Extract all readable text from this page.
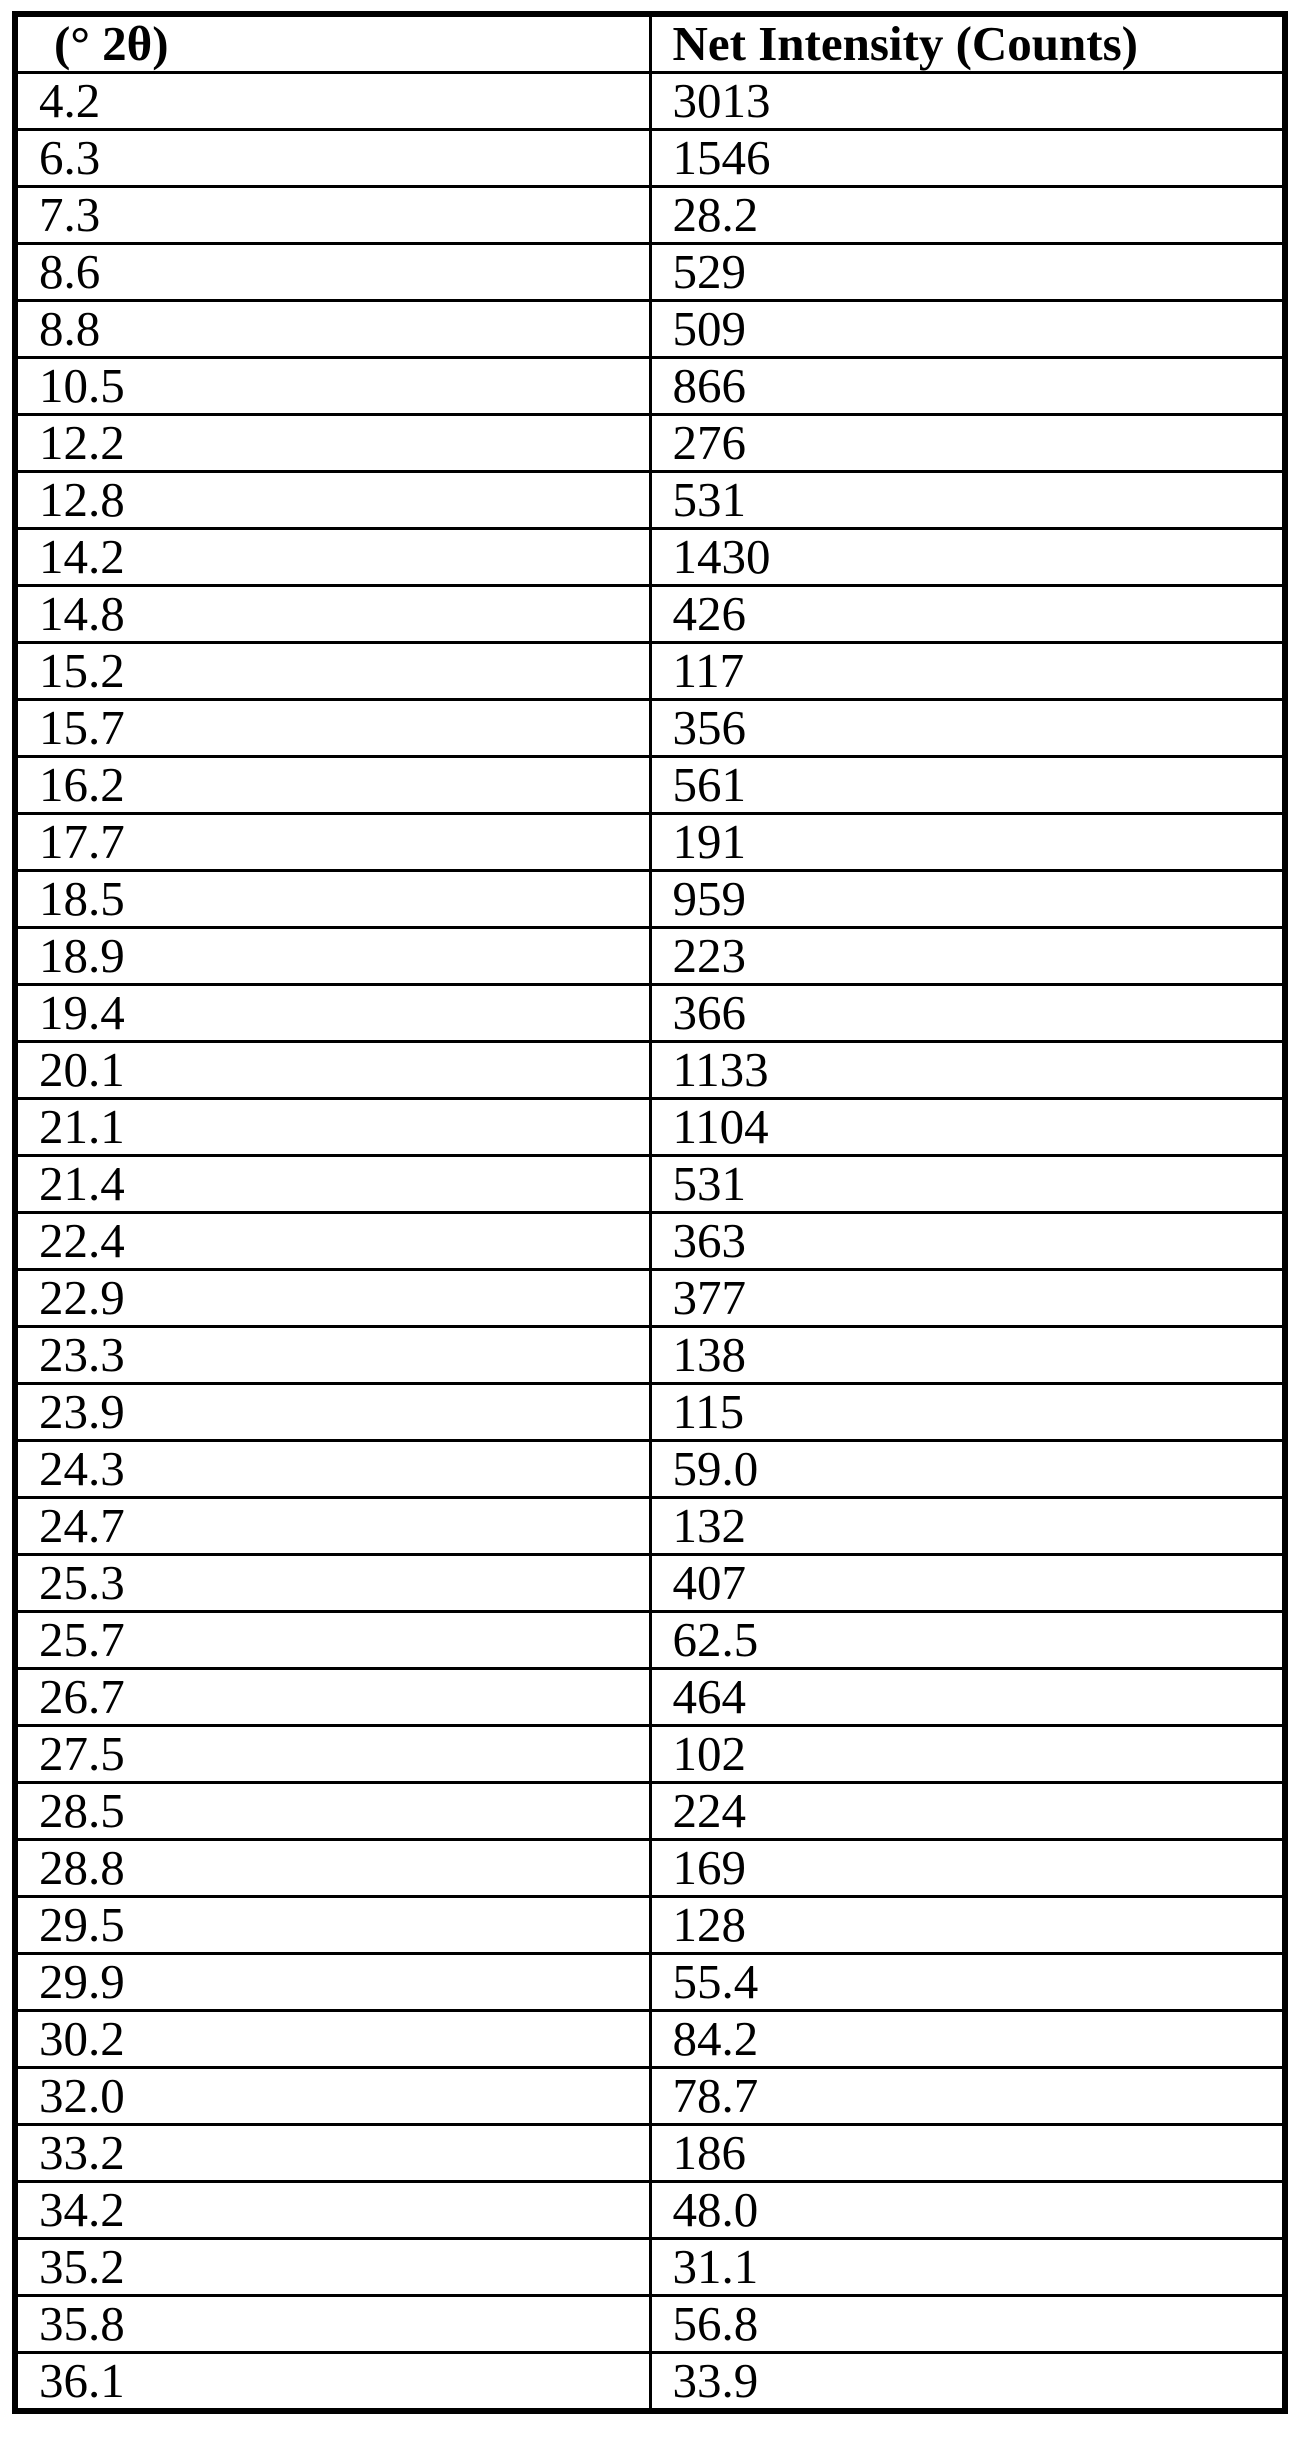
(° 2θ)	Net Intensity (Counts)
4.2	3013
6.3	1546
7.3	28.2
8.6	529
8.8	509
10.5	866
12.2	276
12.8	531
14.2	1430
14.8	426
15.2	117
15.7	356
16.2	561
17.7	191
18.5	959
18.9	223
19.4	366
20.1	1133
21.1	1104
21.4	531
22.4	363
22.9	377
23.3	138
23.9	115
24.3	59.0
24.7	132
25.3	407
25.7	62.5
26.7	464
27.5	102
28.5	224
28.8	169
29.5	128
29.9	55.4
30.2	84.2
32.0	78.7
33.2	186
34.2	48.0
35.2	31.1
35.8	56.8
36.1	33.9
